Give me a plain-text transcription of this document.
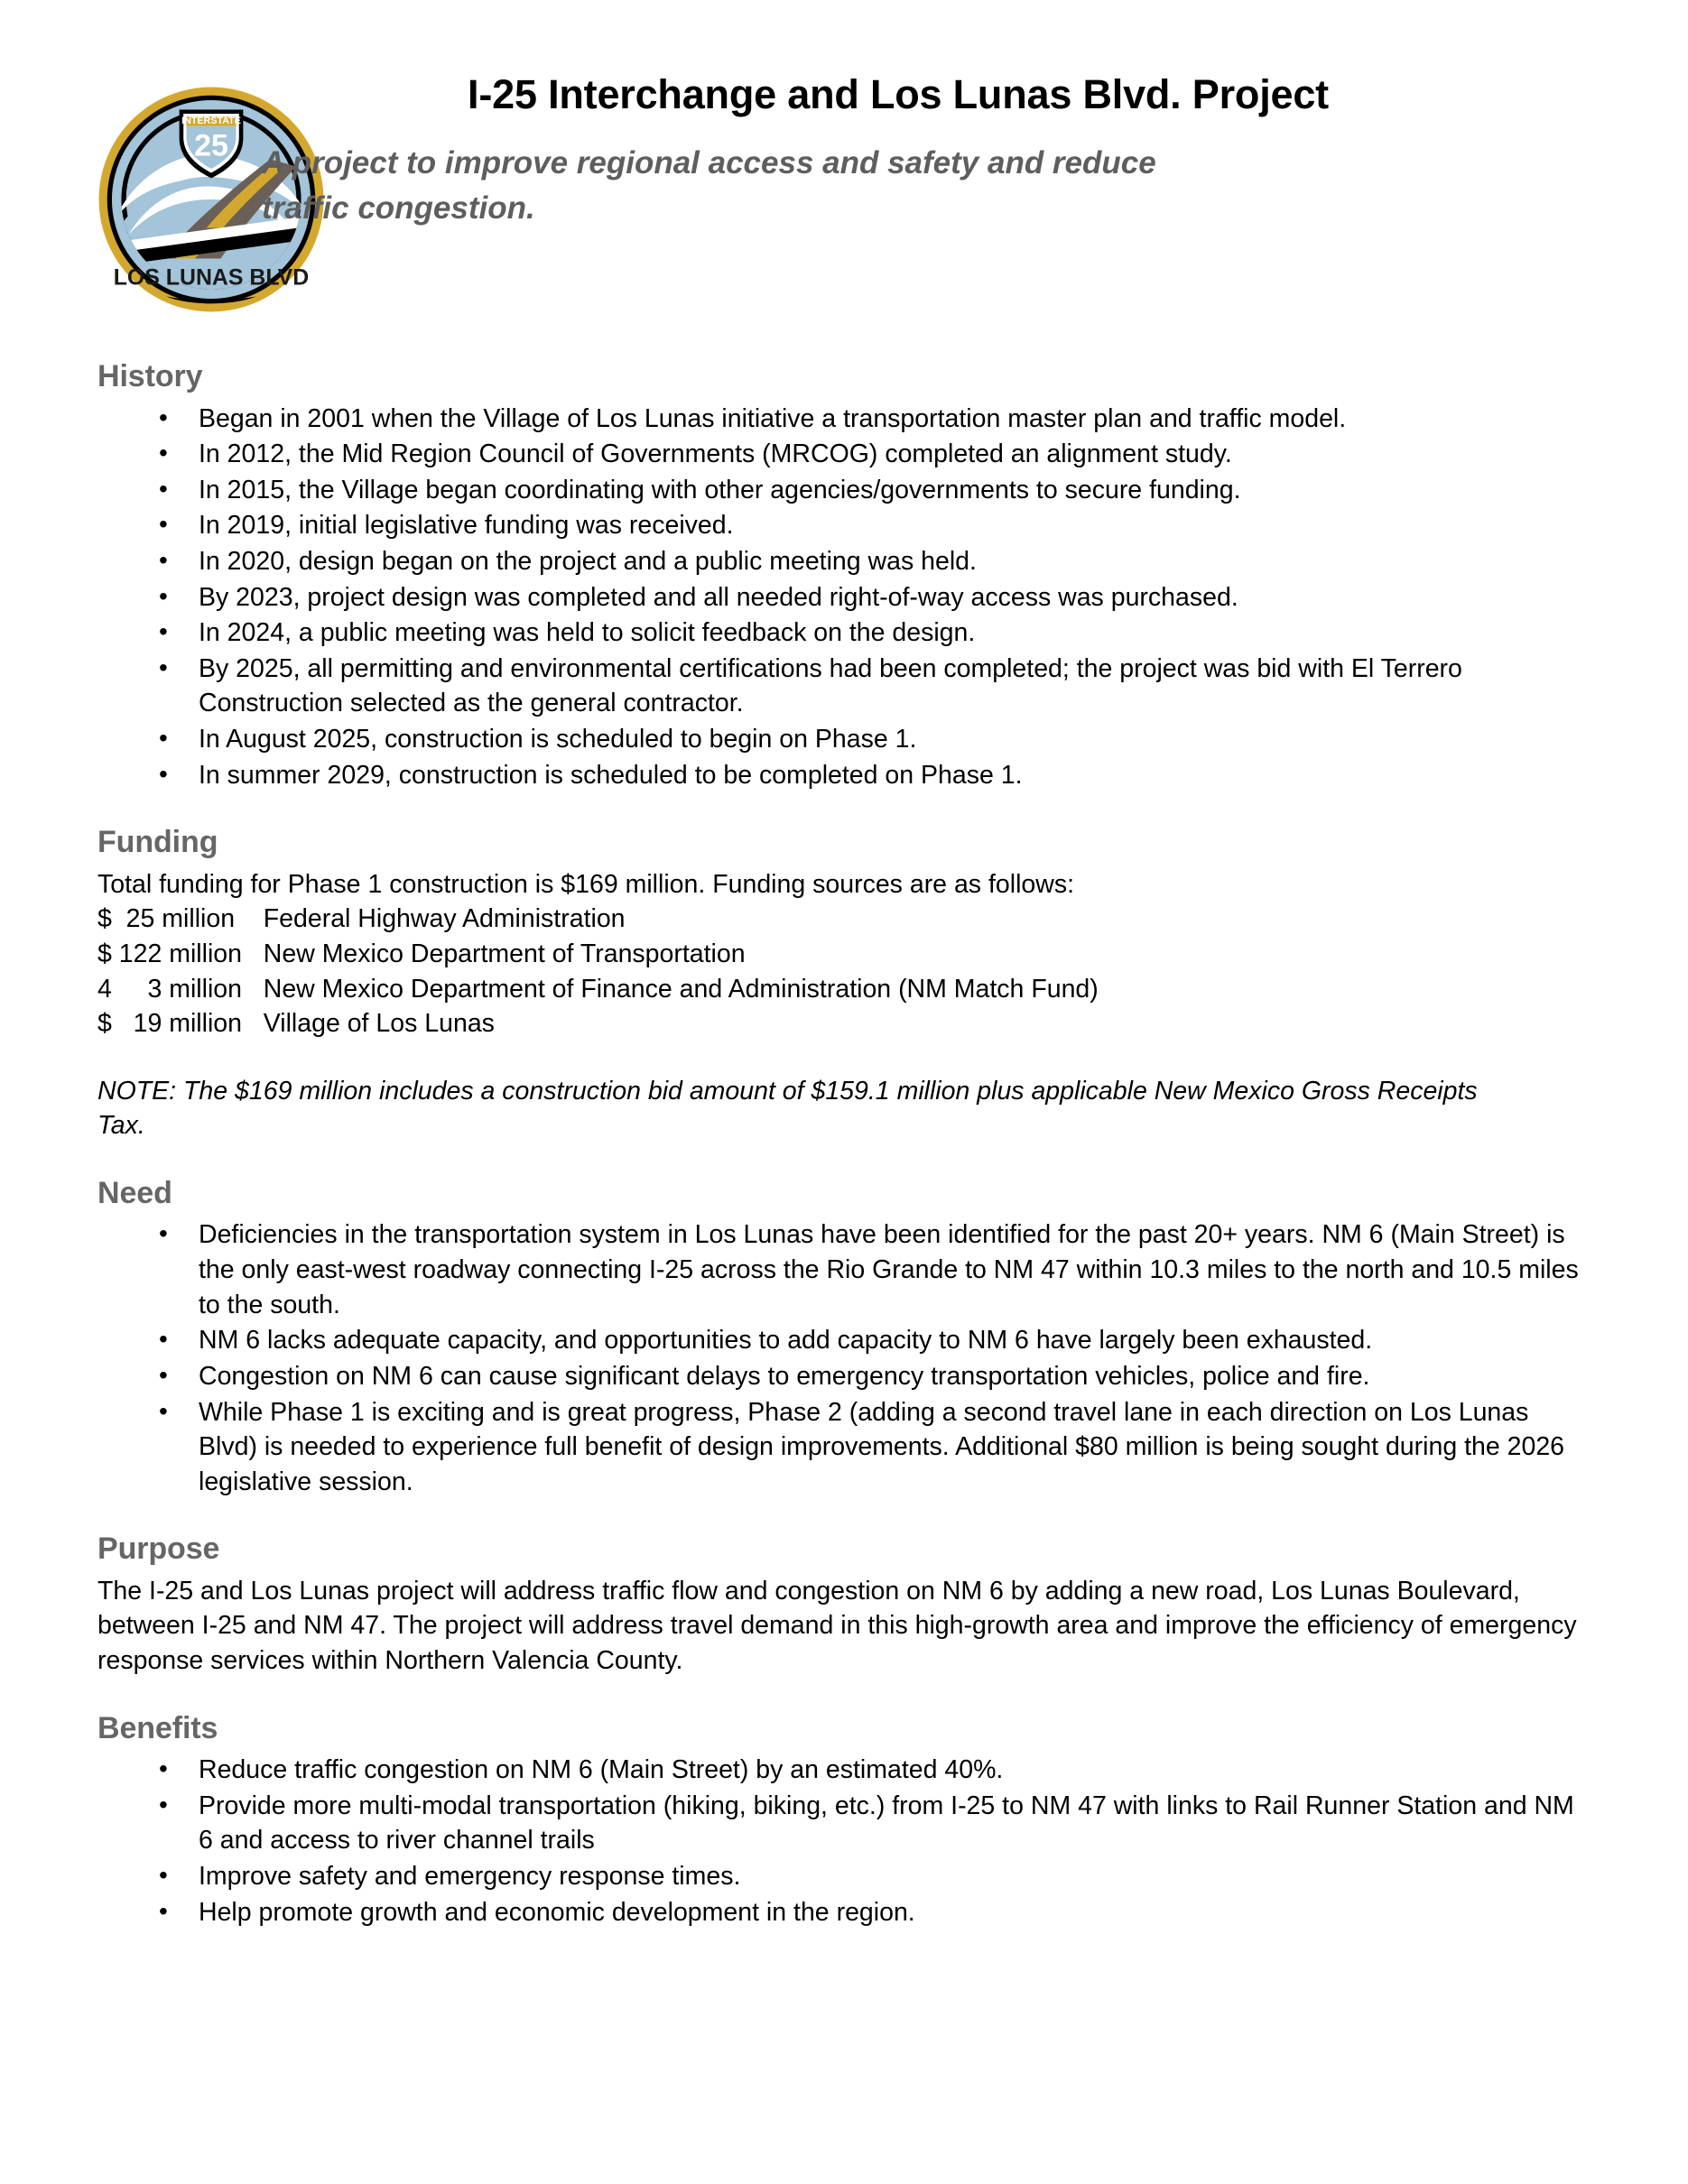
LOS LUNAS BLVD
INTERSTATE
25
I-25 Interchange and Los Lunas Blvd. Project

A project to improve regional access and safety and reduce traffic congestion.

History
• Began in 2001 when the Village of Los Lunas initiative a transportation master plan and traffic model.
• In 2012, the Mid Region Council of Governments (MRCOG) completed an alignment study.
• In 2015, the Village began coordinating with other agencies/governments to secure funding.
• In 2019, initial legislative funding was received.
• In 2020, design began on the project and a public meeting was held.
• By 2023, project design was completed and all needed right-of-way access was purchased.
• In 2024, a public meeting was held to solicit feedback on the design.
• By 2025, all permitting and environmental certifications had been completed; the project was bid with El Terrero Construction selected as the general contractor.
• In August 2025, construction is scheduled to begin on Phase 1.
• In summer 2029, construction is scheduled to be completed on Phase 1.
Funding

Total funding for Phase 1 construction is $169 million. Funding sources are as follows:

$  25 million    Federal Highway Administration
$ 122 million   New Mexico Department of Transportation
4     3 million   New Mexico Department of Finance and Administration (NM Match Fund)
$   19 million   Village of Los Lunas

NOTE: The $169 million includes a construction bid amount of $159.1 million plus applicable New Mexico Gross Receipts Tax.

Need
• Deficiencies in the transportation system in Los Lunas have been identified for the past 20+ years. NM 6 (Main Street) is the only east-west roadway connecting I-25 across the Rio Grande to NM 47 within 10.3 miles to the north and 10.5 miles to the south.
• NM 6 lacks adequate capacity, and opportunities to add capacity to NM 6 have largely been exhausted.
• Congestion on NM 6 can cause significant delays to emergency transportation vehicles, police and fire.
• While Phase 1 is exciting and is great progress, Phase 2 (adding a second travel lane in each direction on Los Lunas Blvd) is needed to experience full benefit of design improvements. Additional $80 million is being sought during the 2026 legislative session.
Purpose

The I-25 and Los Lunas project will address traffic flow and congestion on NM 6 by adding a new road, Los Lunas Boulevard, between I-25 and NM 47. The project will address travel demand in this high-growth area and improve the efficiency of emergency response services within Northern Valencia County.

Benefits
• Reduce traffic congestion on NM 6 (Main Street) by an estimated 40%.
• Provide more multi-modal transportation (hiking, biking, etc.) from I-25 to NM 47 with links to Rail Runner Station and NM 6 and access to river channel trails
• Improve safety and emergency response times.
• Help promote growth and economic development in the region.
